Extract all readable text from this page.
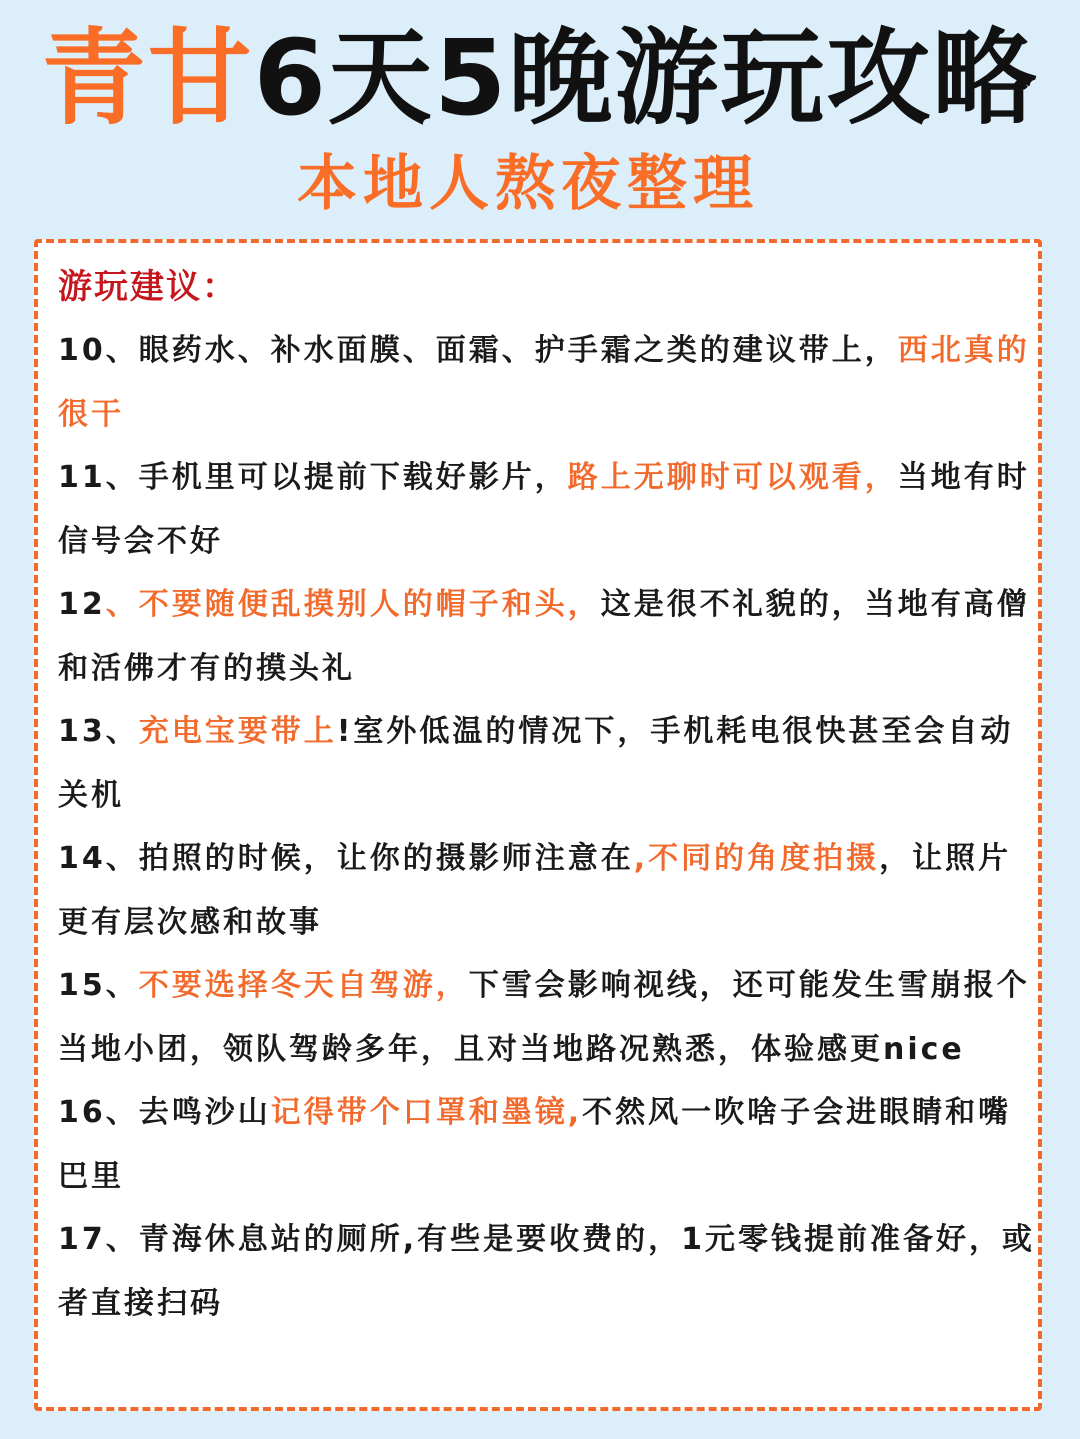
青甘6天5晚游玩攻略
本地人熬夜整理
游玩建议：
10、眼药水、补水面膜、面霜、护手霜之类的建议带上，西北真的很干
11、手机里可以提前下载好影片，路上无聊时可以观看，当地有时信号会不好
12、不要随便乱摸别人的帽子和头，这是很不礼貌的，当地有高僧和活佛才有的摸头礼
13、充电宝要带上!室外低温的情况下，手机耗电很快甚至会自动关机
14、拍照的时候，让你的摄影师注意在,不同的角度拍摄，让照片更有层次感和故事
15、不要选择冬天自驾游，下雪会影响视线，还可能发生雪崩报个当地小团，领队驾龄多年，且对当地路况熟悉，体验感更nice
16、去鸣沙山记得带个口罩和墨镜,不然风一吹啥子会进眼睛和嘴巴里
17、青海休息站的厕所,有些是要收费的，1元零钱提前准备好，或者直接扫码
